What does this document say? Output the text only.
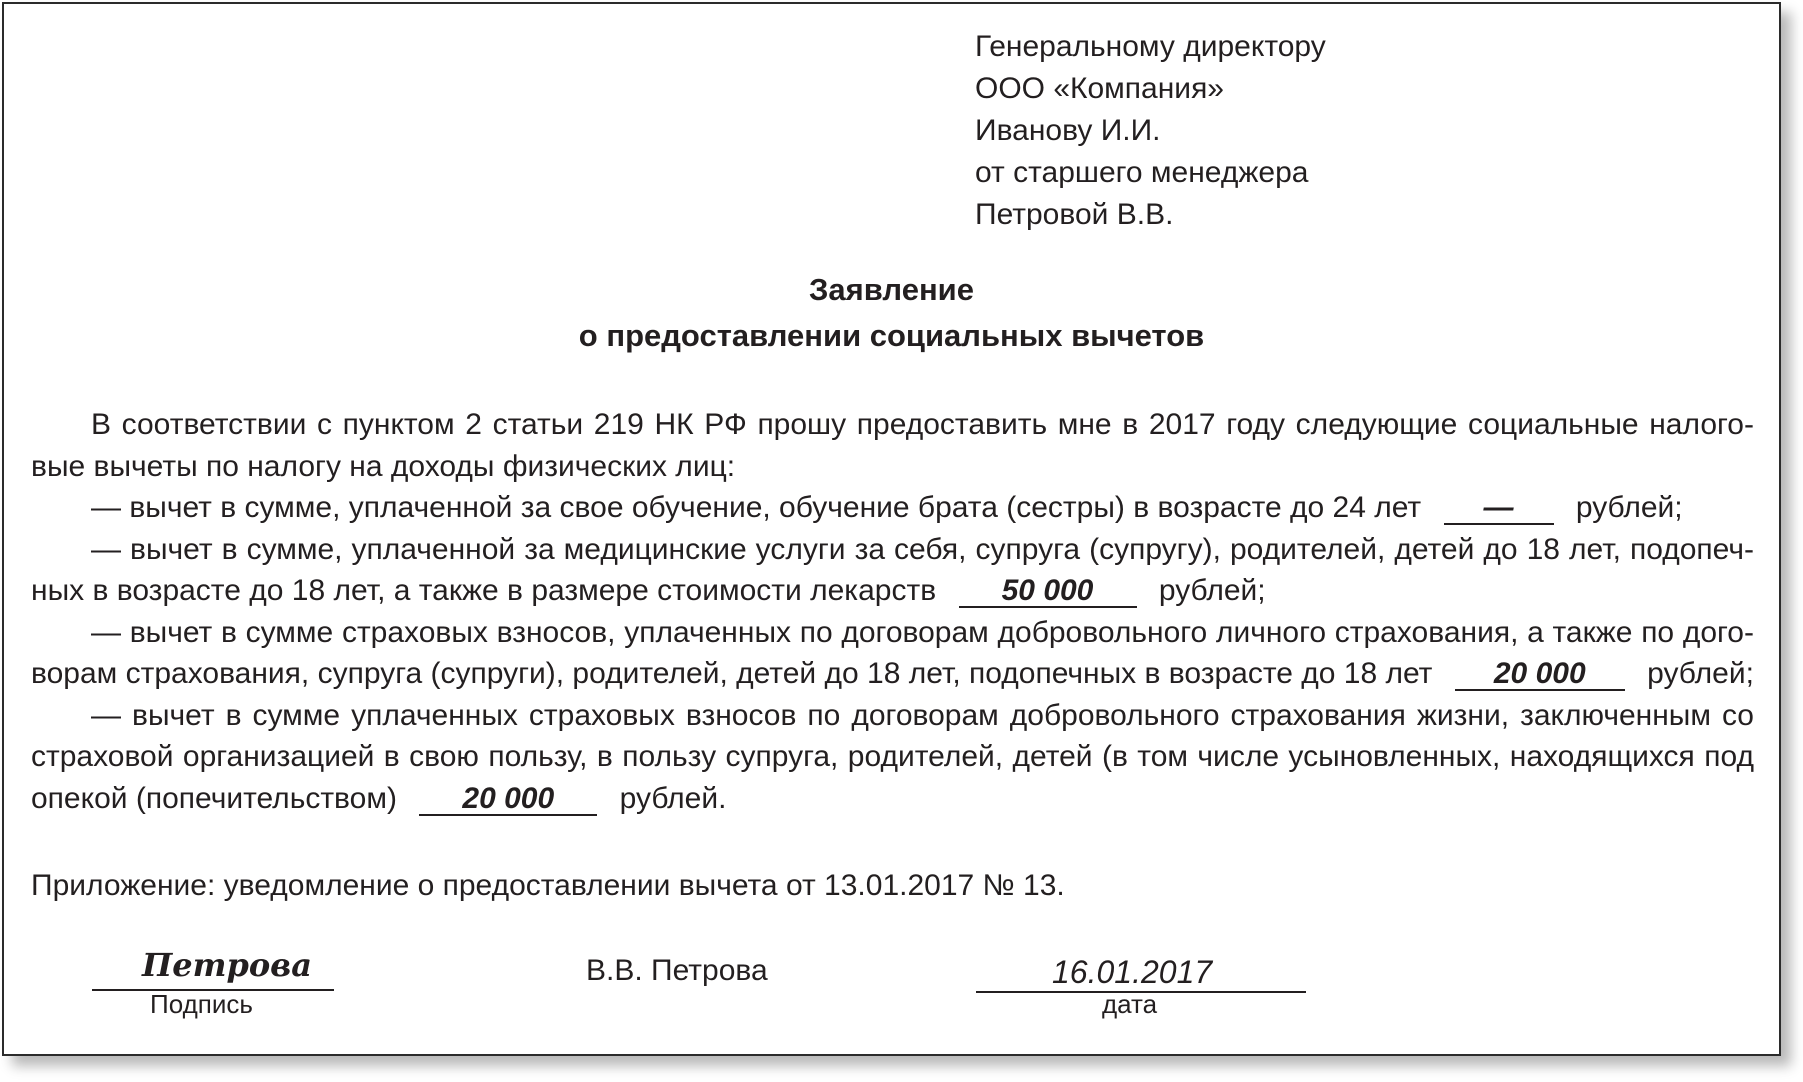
Генеральному директору
ООО «Компания»
Иванову И.И.
от старшего менеджера
Петровой В.В.
Заявление
о предоставлении социальных вычетов

В соответствии с пунктом 2 статьи 219 НК РФ прошу предоставить мне в 2017 году следующие социальные налоговые вычеты по налогу на доходы физических лиц:

— вычет в сумме, уплаченной за свое обучение, обучение брата (сестры) в возрасте до 24 лет — рублей;

— вычет в сумме, уплаченной за медицинские услуги за себя, супруга (супругу), родителей, детей до 18 лет, подопечных в возрасте до 18 лет, а также в размере стоимости лекарств 50 000 рублей;

— вычет в сумме страховых взносов, уплаченных по договорам добровольного личного страхования, а также по договорам страхования, супруга (супруги), родителей, детей до 18 лет, подопечных в возрасте до 18 лет 20 000 рублей;

— вычет в сумме уплаченных страховых взносов по договорам добровольного страхования жизни, заключенным со страховой организацией в свою пользу, в пользу супруга, родителей, детей (в том числе усыновленных, находящихся под опекой (попечительством) 20 000 рублей.

Приложение: уведомление о предоставлении вычета от 13.01.2017 № 13.
Петрова
Подпись
В.В. Петрова	16.01.2017
дата
